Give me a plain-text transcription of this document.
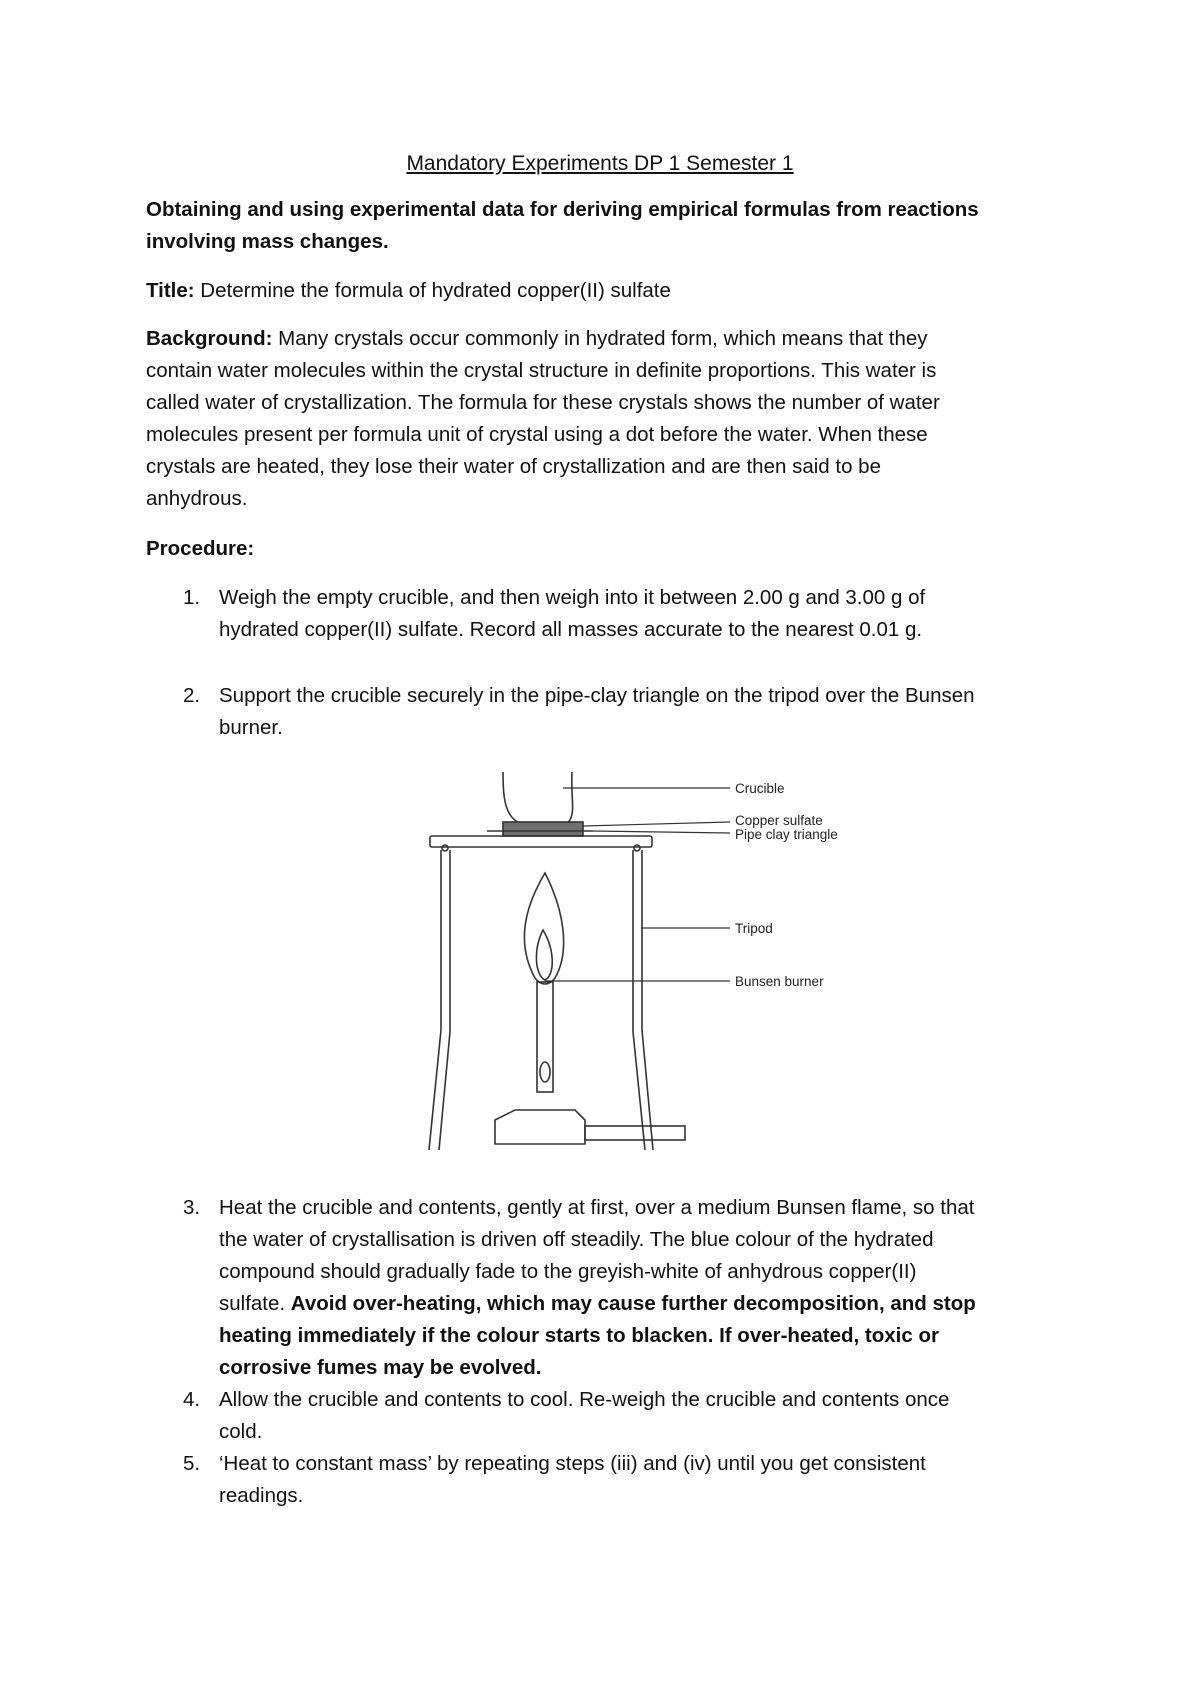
Mandatory Experiments DP 1 Semester 1
Obtaining and using experimental data for deriving empirical formulas from reactions
involving mass changes.
Title: Determine the formula of hydrated copper(II) sulfate
Background: Many crystals occur commonly in hydrated form, which means that they
contain water molecules within the crystal structure in definite proportions. This water is
called water of crystallization. The formula for these crystals shows the number of water
molecules present per formula unit of crystal using a dot before the water. When these
crystals are heated, they lose their water of crystallization and are then said to be
anhydrous.
Procedure:
1. Weigh the empty crucible, and then weigh into it between 2.00 g and 3.00 g of
hydrated copper(II) sulfate. Record all masses accurate to the nearest 0.01 g.
2. Support the crucible securely in the pipe-clay triangle on the tripod over the Bunsen
burner.
Crucible
Copper sulfate
Pipe clay triangle
Tripod
Bunsen burner
3. Heat the crucible and contents, gently at first, over a medium Bunsen flame, so that
the water of crystallisation is driven off steadily. The blue colour of the hydrated
compound should gradually fade to the greyish-white of anhydrous copper(II)
sulfate. Avoid over-heating, which may cause further decomposition, and stop
heating immediately if the colour starts to blacken. If over-heated, toxic or
corrosive fumes may be evolved.
4. Allow the crucible and contents to cool. Re-weigh the crucible and contents once
cold.
5. ‘Heat to constant mass’ by repeating steps (iii) and (iv) until you get consistent
readings.
